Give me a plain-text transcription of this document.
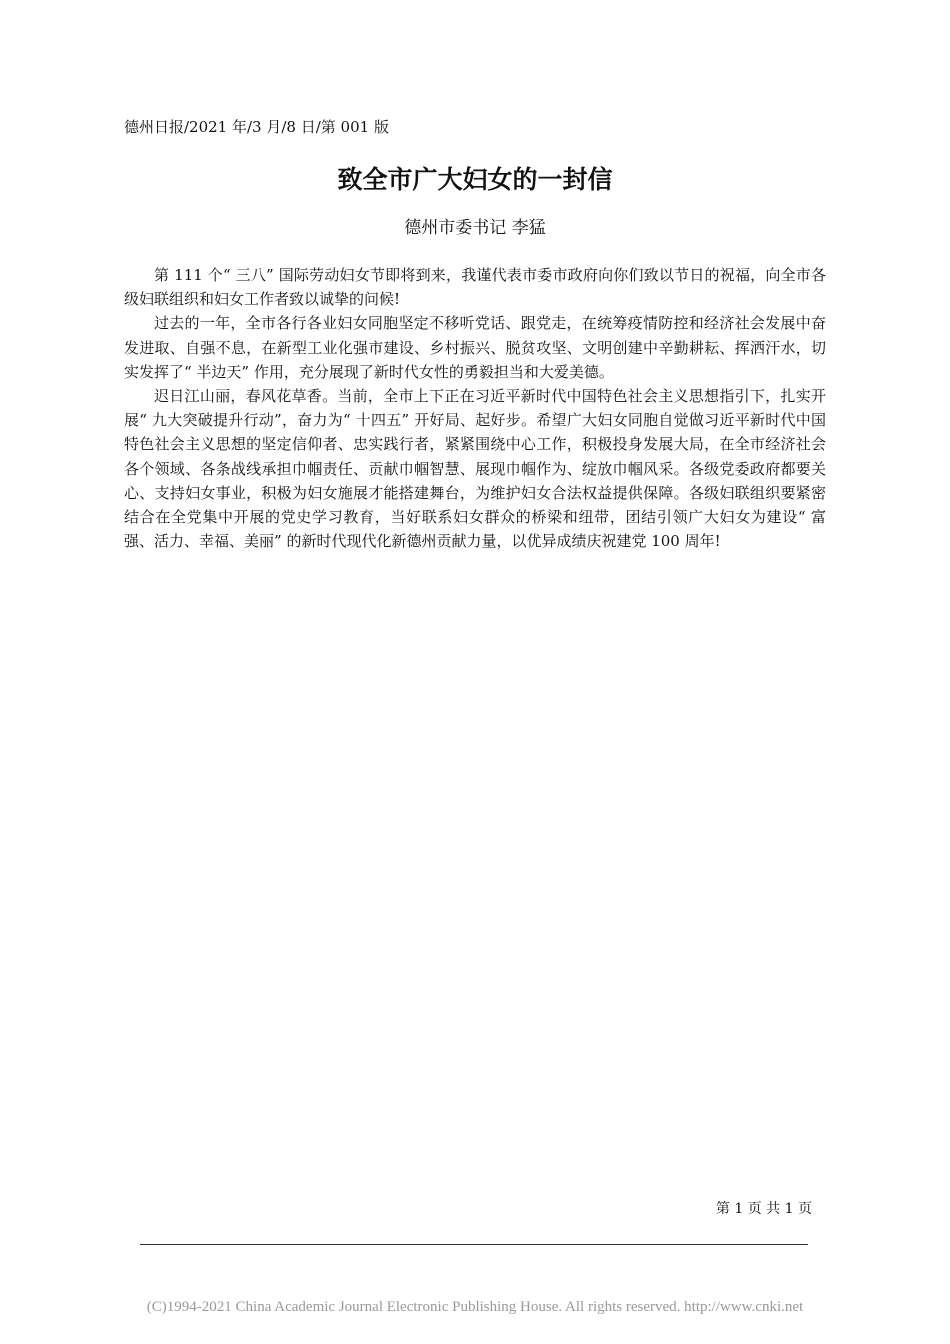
德州日报/2021 年/3 月/8 日/第 001 版
致全市广大妇女的一封信
德州市委书记 李猛

第 111 个“ 三八” 国际劳动妇女节即将到来，我谨代表市委市政府向你们致以节日的祝福，向全市各级妇联组织和妇女工作者致以诚挚的问候!

过去的一年，全市各行各业妇女同胞坚定不移听党话、跟党走，在统筹疫情防控和经济社会发展中奋发进取、自强不息，在新型工业化强市建设、乡村振兴、脱贫攻坚、文明创建中辛勤耕耘、挥洒汗水，切实发挥了“ 半边天” 作用，充分展现了新时代女性的勇毅担当和大爱美德。

迟日江山丽，春风花草香。当前，全市上下正在习近平新时代中国特色社会主义思想指引下，扎实开展“ 九大突破提升行动”，奋力为“ 十四五” 开好局、起好步。希望广大妇女同胞自觉做习近平新时代中国特色社会主义思想的坚定信仰者、忠实践行者，紧紧围绕中心工作，积极投身发展大局，在全市经济社会各个领域、各条战线承担巾帼责任、贡献巾帼智慧、展现巾帼作为、绽放巾帼风采。各级党委政府都要关心、支持妇女事业，积极为妇女施展才能搭建舞台，为维护妇女合法权益提供保障。各级妇联组织要紧密结合在全党集中开展的党史学习教育，当好联系妇女群众的桥梁和纽带，团结引领广大妇女为建设“ 富强、活力、幸福、美丽” 的新时代现代化新德州贡献力量，以优异成绩庆祝建党 100 周年!

第 1 页 共 1 页
(C)1994-2021 China Academic Journal Electronic Publishing House. All rights reserved. http://www.cnki.net
